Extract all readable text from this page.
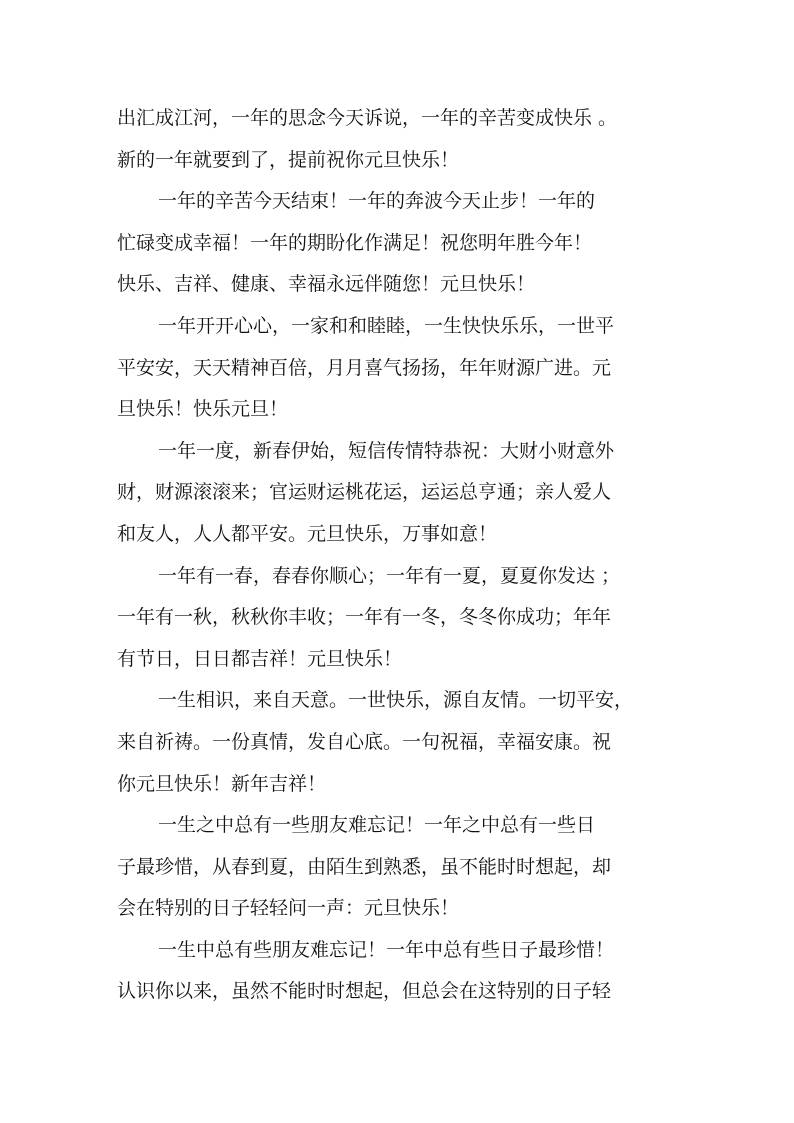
出汇成江河，一年的思念今天诉说，一年的辛苦变成快乐 。
新的一年就要到了，提前祝你元旦快乐！
一年的辛苦今天结束！一年的奔波今天止步！一年的
忙碌变成幸福！一年的期盼化作满足！祝您明年胜今年！
快乐、吉祥、健康、幸福永远伴随您！元旦快乐！
一年开开心心，一家和和睦睦，一生快快乐乐，一世平
平安安，天天精神百倍，月月喜气扬扬，年年财源广进。元
旦快乐！快乐元旦！
一年一度，新春伊始，短信传情特恭祝：大财小财意外
财，财源滚滚来；官运财运桃花运，运运总亨通；亲人爱人
和友人，人人都平安。元旦快乐，万事如意！
一年有一春，春春你顺心；一年有一夏，夏夏你发达 ；
一年有一秋，秋秋你丰收；一年有一冬，冬冬你成功；年年
有节日，日日都吉祥！元旦快乐！
一生相识，来自天意。一世快乐，源自友情。一切平安，
来自祈祷。一份真情，发自心底。一句祝福，幸福安康。祝
你元旦快乐！新年吉祥！
一生之中总有一些朋友难忘记！一年之中总有一些日
子最珍惜，从春到夏，由陌生到熟悉，虽不能时时想起，却
会在特别的日子轻轻问一声：元旦快乐！
一生中总有些朋友难忘记！一年中总有些日子最珍惜！
认识你以来，虽然不能时时想起，但总会在这特别的日子轻
